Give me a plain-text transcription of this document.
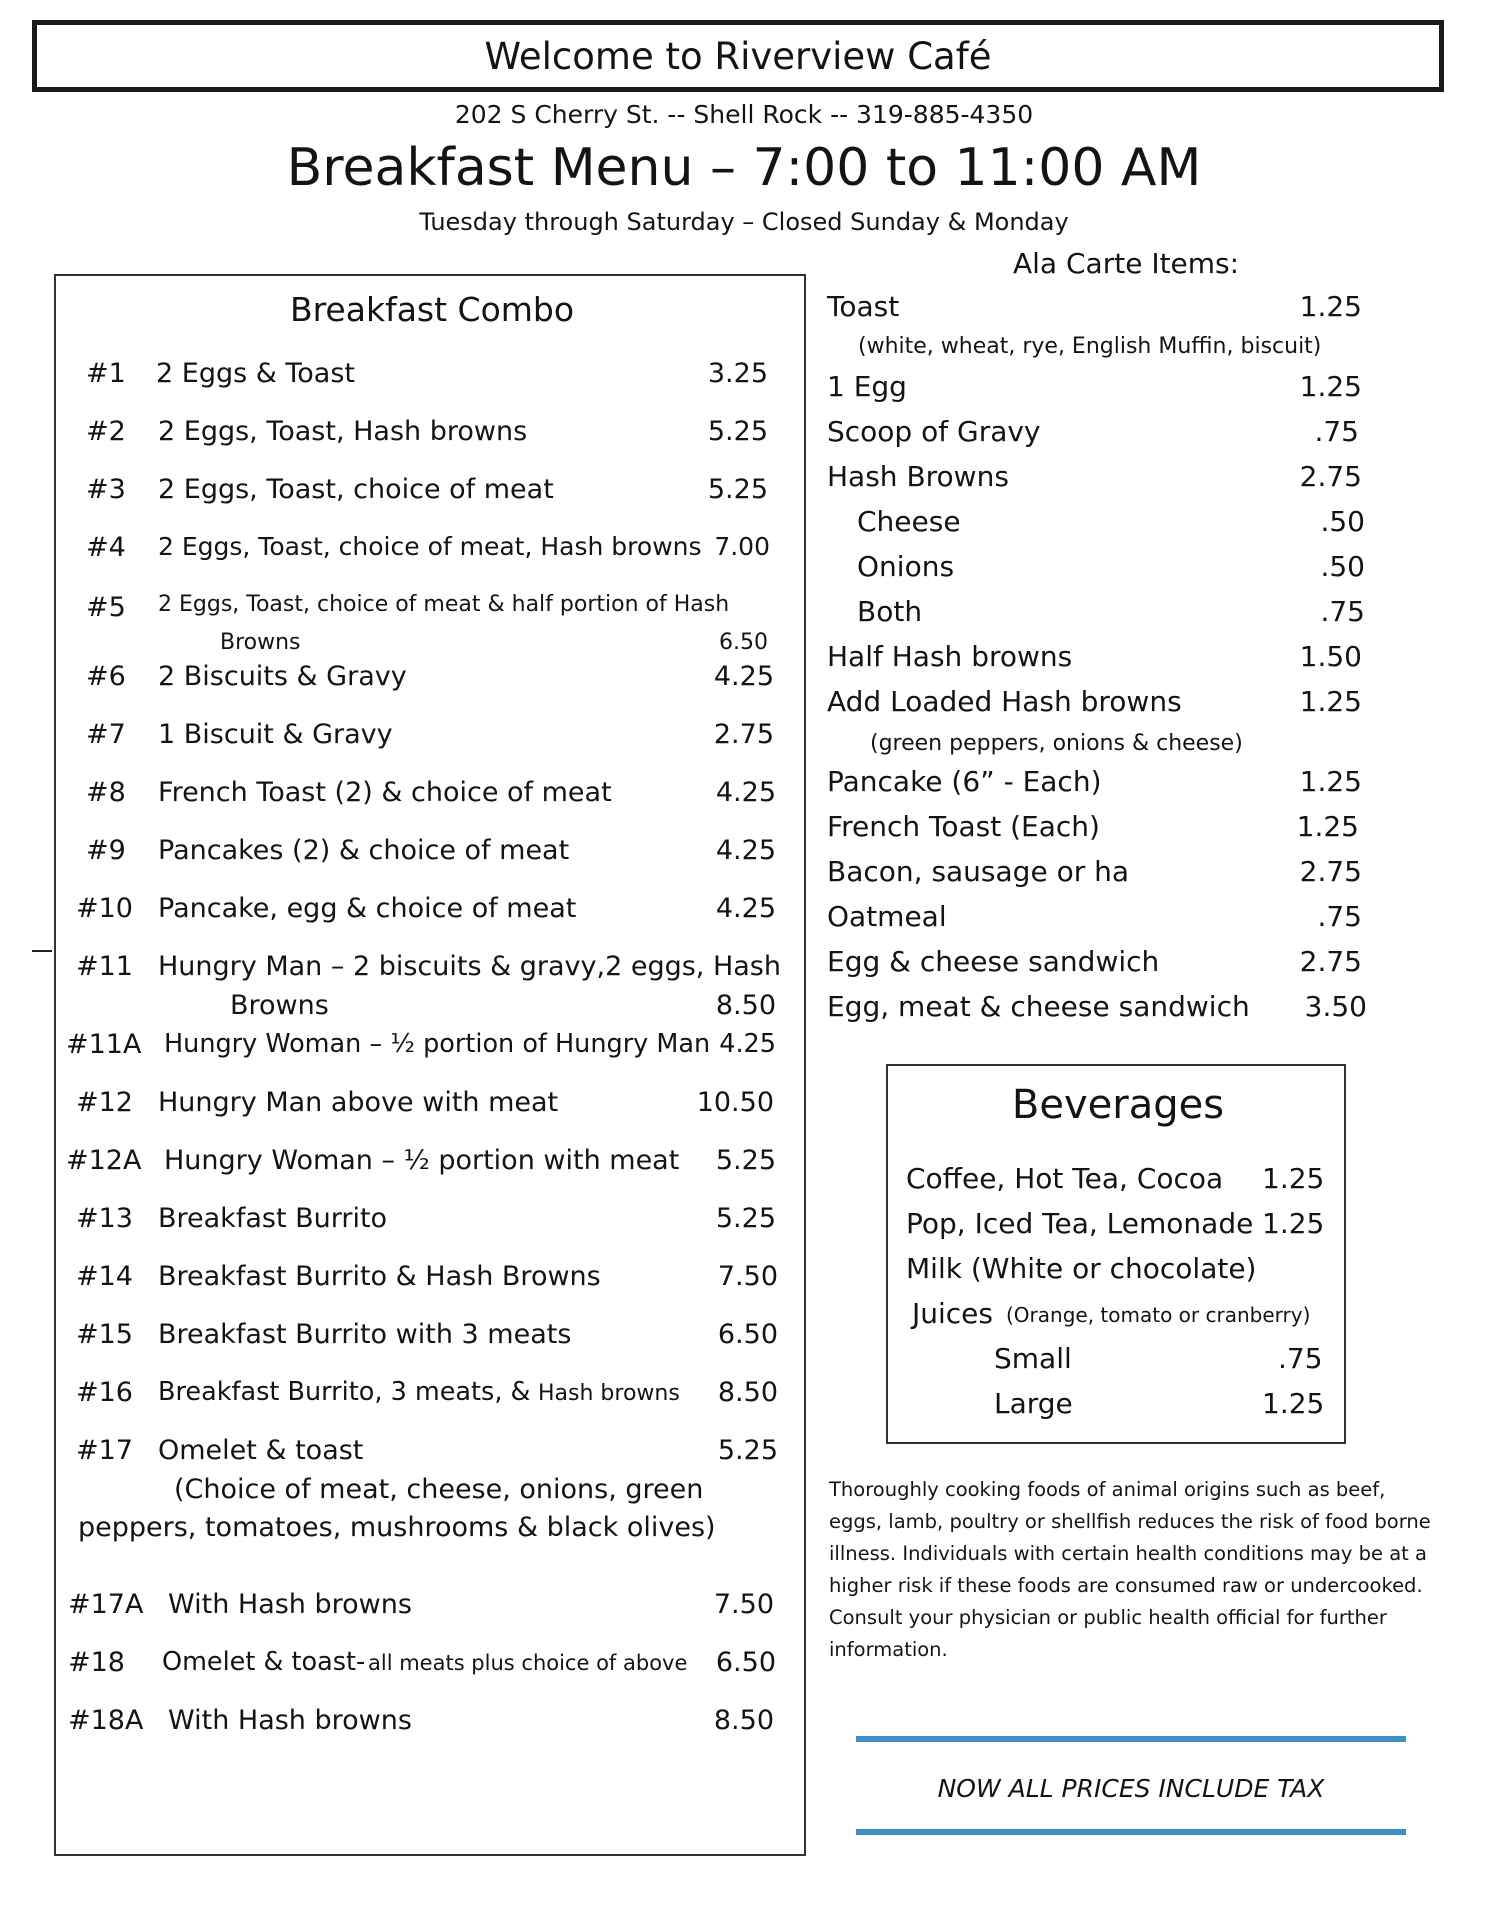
Welcome to Riverview Café
202 S Cherry St. -- Shell Rock -- 319-885-4350
Breakfast Menu – 7:00 to 11:00 AM
Tuesday through Saturday – Closed Sunday & Monday
Ala Carte Items:
Breakfast Combo
#1 2 Eggs & Toast	3.25
#2 2 Eggs, Toast, Hash browns	5.25
#3 2 Eggs, Toast, choice of meat	5.25
#4 2 Eggs, Toast, choice of meat, Hash browns 7.00
#5 2 Eggs, Toast, choice of meat & half portion of Hash
Browns	6.50
#6 2 Biscuits & Gravy	4.25
#7 1 Biscuit & Gravy	2.75
#8 French Toast (2) & choice of meat	4.25
#9 Pancakes (2) & choice of meat	4.25
#10 Pancake, egg & choice of meat	4.25
#11 Hungry Man – 2 biscuits & gravy,2 eggs, Hash
Browns	8.50
#11A Hungry Woman – ½ portion of Hungry Man 4.25
#12 Hungry Man above with meat	10.50
#12A Hungry Woman – ½ portion with meat 5.25
#13 Breakfast Burrito	5.25
#14 Breakfast Burrito & Hash Browns	7.50
#15 Breakfast Burrito with 3 meats	6.50
#16 Breakfast Burrito, 3 meats, & Hash browns 8.50
#17 Omelet & toast	5.25
(Choice of meat, cheese, onions, green
peppers, tomatoes, mushrooms & black olives)
#17A With Hash browns	7.50
#18 Omelet & toast- all meats plus choice of above 6.50
#18A With Hash browns	8.50
Toast	1.25
(white, wheat, rye, English Muffin, biscuit)
1 Egg	1.25
Scoop of Gravy	.75
Hash Browns	2.75
Cheese	.50
Onions	.50
Both	.75
Half Hash browns	1.50
Add Loaded Hash browns	1.25
(green peppers, onions & cheese)
Pancake (6” - Each)	1.25
French Toast (Each)	1.25
Bacon, sausage or ha	2.75
Oatmeal	.75
Egg & cheese sandwich	2.75
Egg, meat & cheese sandwich 3.50
Beverages
Coffee, Hot Tea, Cocoa 1.25
Pop, Iced Tea, Lemonade 1.25
Milk (White or chocolate)
Juices (Orange, tomato or cranberry)
Small	.75
Large	1.25
Thoroughly cooking foods of animal origins such as beef, eggs, lamb, poultry or shellfish reduces the risk of food borne illness. Individuals with certain health conditions may be at a higher risk if these foods are consumed raw or undercooked. Consult your physician or public health official for further information.
NOW ALL PRICES INCLUDE TAX
